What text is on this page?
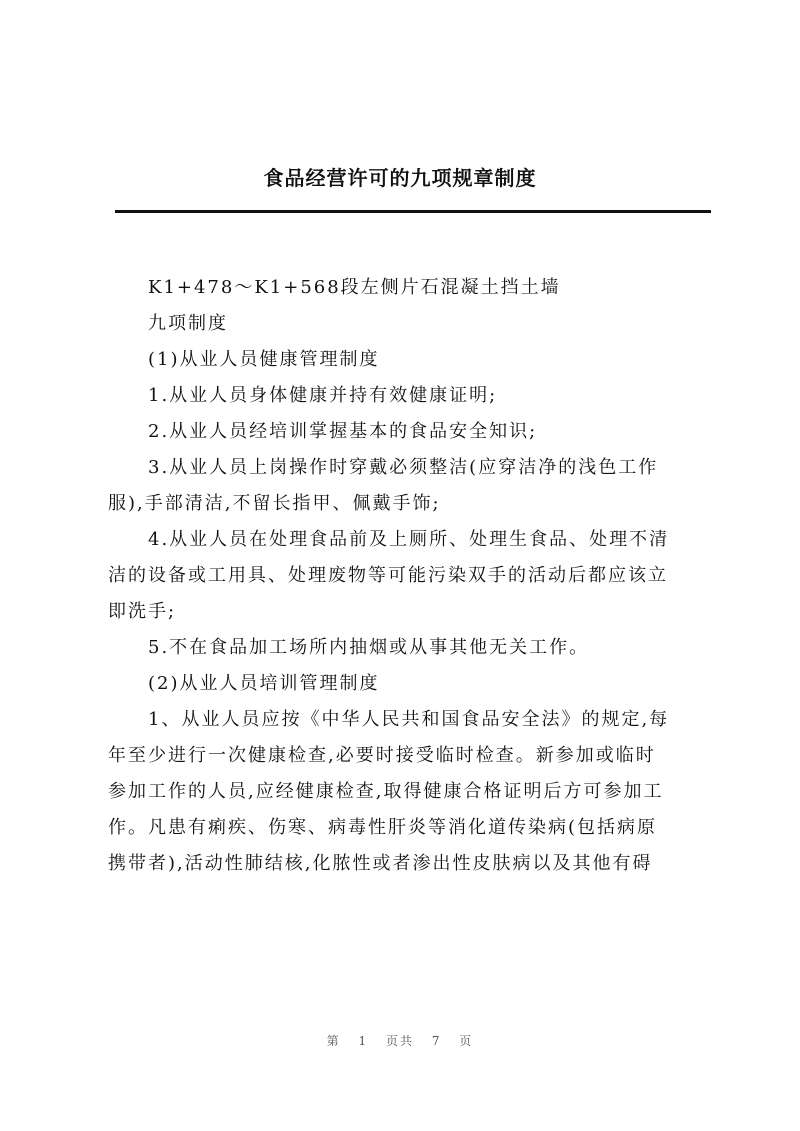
食品经营许可的九项规章制度

K1+478～K1+568段左侧片石混凝土挡土墙

九项制度

(1)从业人员健康管理制度

1.从业人员身体健康并持有效健康证明;

2.从业人员经培训掌握基本的食品安全知识;

3.从业人员上岗操作时穿戴必须整洁(应穿洁净的浅色工作
服),手部清洁,不留长指甲、佩戴手饰;

4.从业人员在处理食品前及上厕所、处理生食品、处理不清
洁的设备或工用具、处理废物等可能污染双手的活动后都应该立
即洗手;

5.不在食品加工场所内抽烟或从事其他无关工作。

(2)从业人员培训管理制度

1、从业人员应按《中华人民共和国食品安全法》的规定,每
年至少进行一次健康检查,必要时接受临时检查。新参加或临时
参加工作的人员,应经健康检查,取得健康合格证明后方可参加工
作。凡患有痢疾、伤寒、病毒性肝炎等消化道传染病(包括病原
携带者),活动性肺结核,化脓性或者渗出性皮肤病以及其他有碍

第 1 页共 7 页
